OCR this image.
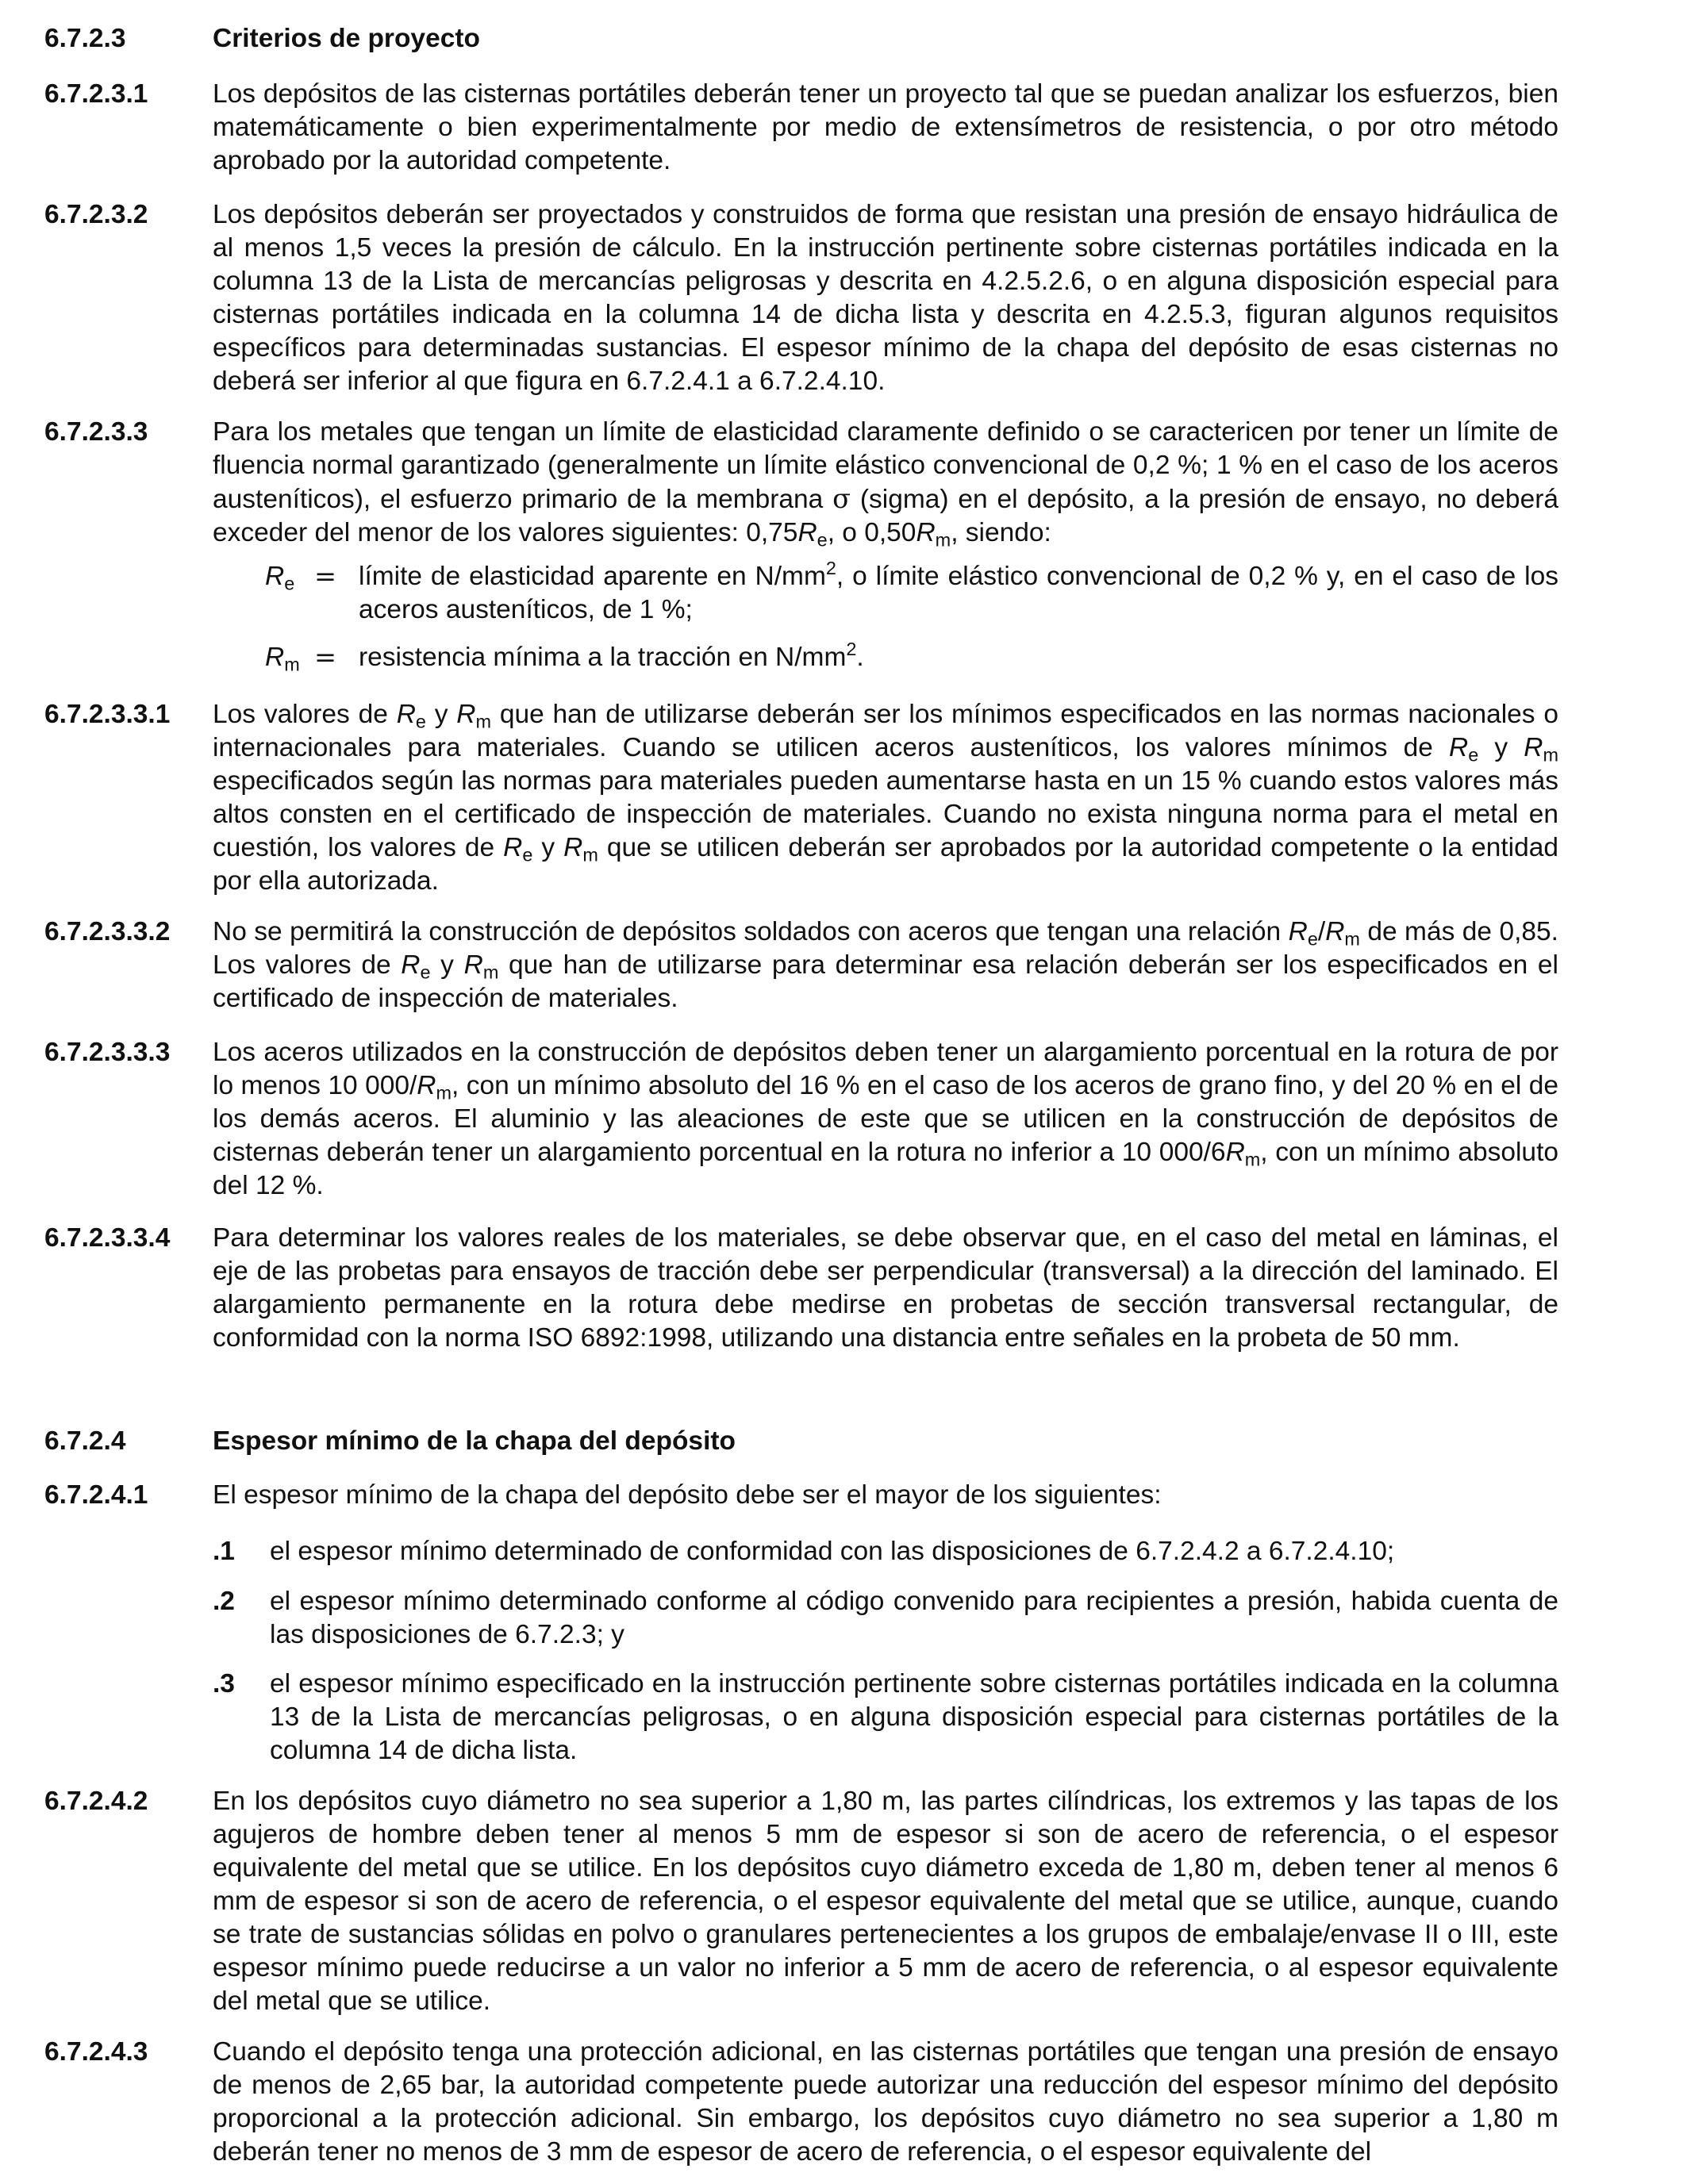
6.7.2.3	Criterios de proyecto
6.7.2.3.1 Los depósitos de las cisternas portátiles deberán tener un proyecto tal que se puedan analizar los esfuerzos, bien matemáticamente o bien experimentalmente por medio de extensímetros de resistencia, o por otro método aprobado por la autoridad competente.
6.7.2.3.2 Los depósitos deberán ser proyectados y construidos de forma que resistan una presión de ensayo hidráulica de al menos 1,5 veces la presión de cálculo. En la instrucción pertinente sobre cisternas portátiles indicada en la columna 13 de la Lista de mercancías peligrosas y descrita en 4.2.5.2.6, o en alguna disposición especial para cisternas portátiles indicada en la columna 14 de dicha lista y descrita en 4.2.5.3, figuran algunos requisitos específicos para determinadas sustancias. El espesor mínimo de la chapa del depósito de esas cisternas no deberá ser inferior al que figura en 6.7.2.4.1 a 6.7.2.4.10.
6.7.2.3.3 Para los metales que tengan un límite de elasticidad claramente definido o se caractericen por tener un límite de fluencia normal garantizado (generalmente un límite elástico convencional de 0,2 %; 1 % en el caso de los aceros austeníticos), el esfuerzo primario de la membrana σ (sigma) en el depósito, a la presión de ensayo, no deberá exceder del menor de los valores siguientes: $0,75R_e$, o $0,50R_m$, siendo:
$R_e$ = límite de elasticidad aparente en $N/mm^2$, o límite elástico convencional de 0,2 % y, en el caso de los aceros austeníticos, de 1 %;
$R_m$ = resistencia mínima a la tracción en $N/mm^2$.
6.7.2.3.3.1 Los valores de $R_e$ y $R_m$ que han de utilizarse deberán ser los mínimos especificados en las normas nacionales o internacionales para materiales. Cuando se utilicen aceros austeníticos, los valores mínimos de $R_e$ y $R_m$ especificados según las normas para materiales pueden aumentarse hasta en un 15 % cuando estos valores más altos consten en el certificado de inspección de materiales. Cuando no exista ninguna norma para el metal en cuestión, los valores de $R_e$ y $R_m$ que se utilicen deberán ser aprobados por la autoridad competente o la entidad por ella autorizada.
6.7.2.3.3.2 No se permitirá la construcción de depósitos soldados con aceros que tengan una relación $R_e/R_m$ de más de 0,85. Los valores de $R_e$ y $R_m$ que han de utilizarse para determinar esa relación deberán ser los especificados en el certificado de inspección de materiales.
6.7.2.3.3.3 Los aceros utilizados en la construcción de depósitos deben tener un alargamiento porcentual en la rotura de por lo menos 10 $000/R_m$, con un mínimo absoluto del 16 % en el caso de los aceros de grano fino, y del 20 % en el de los demás aceros. El aluminio y las aleaciones de este que se utilicen en la construcción de depósitos de cisternas deberán tener un alargamiento porcentual en la rotura no inferior a 10 $000/6R_m$, con un mínimo absoluto del 12 %.
6.7.2.3.3.4 Para determinar los valores reales de los materiales, se debe observar que, en el caso del metal en láminas, el eje de las probetas para ensayos de tracción debe ser perpendicular (transversal) a la dirección del laminado. El alargamiento permanente en la rotura debe medirse en probetas de sección transversal rectangular, de conformidad con la norma ISO 6892:1998, utilizando una distancia entre señales en la probeta de 50 mm.
6.7.2.4	Espesor mínimo de la chapa del depósito
6.7.2.4.1 El espesor mínimo de la chapa del depósito debe ser el mayor de los siguientes:
.1 el espesor mínimo determinado de conformidad con las disposiciones de 6.7.2.4.2 a 6.7.2.4.10;
.2 el espesor mínimo determinado conforme al código convenido para recipientes a presión, habida cuenta de las disposiciones de 6.7.2.3; y
.3 el espesor mínimo especificado en la instrucción pertinente sobre cisternas portátiles indicada en la columna 13 de la Lista de mercancías peligrosas, o en alguna disposición especial para cisternas portátiles de la columna 14 de dicha lista.
6.7.2.4.2 En los depósitos cuyo diámetro no sea superior a 1,80 m, las partes cilíndricas, los extremos y las tapas de los agujeros de hombre deben tener al menos 5 mm de espesor si son de acero de referencia, o el espesor equivalente del metal que se utilice. En los depósitos cuyo diámetro exceda de 1,80 m, deben tener al menos 6 mm de espesor si son de acero de referencia, o el espesor equivalente del metal que se utilice, aunque, cuando se trate de sustancias sólidas en polvo o granulares pertenecientes a los grupos de embalaje/envase II o III, este espesor mínimo puede reducirse a un valor no inferior a 5 mm de acero de referencia, o al espesor equivalente del metal que se utilice.
6.7.2.4.3 Cuando el depósito tenga una protección adicional, en las cisternas portátiles que tengan una presión de ensayo de menos de 2,65 bar, la autoridad competente puede autorizar una reducción del espesor mínimo del depósito proporcional a la protección adicional. Sin embargo, los depósitos cuyo diámetro no sea superior a 1,80 m deberán tener no menos de 3 mm de espesor de acero de referencia, o el espesor equivalente del
